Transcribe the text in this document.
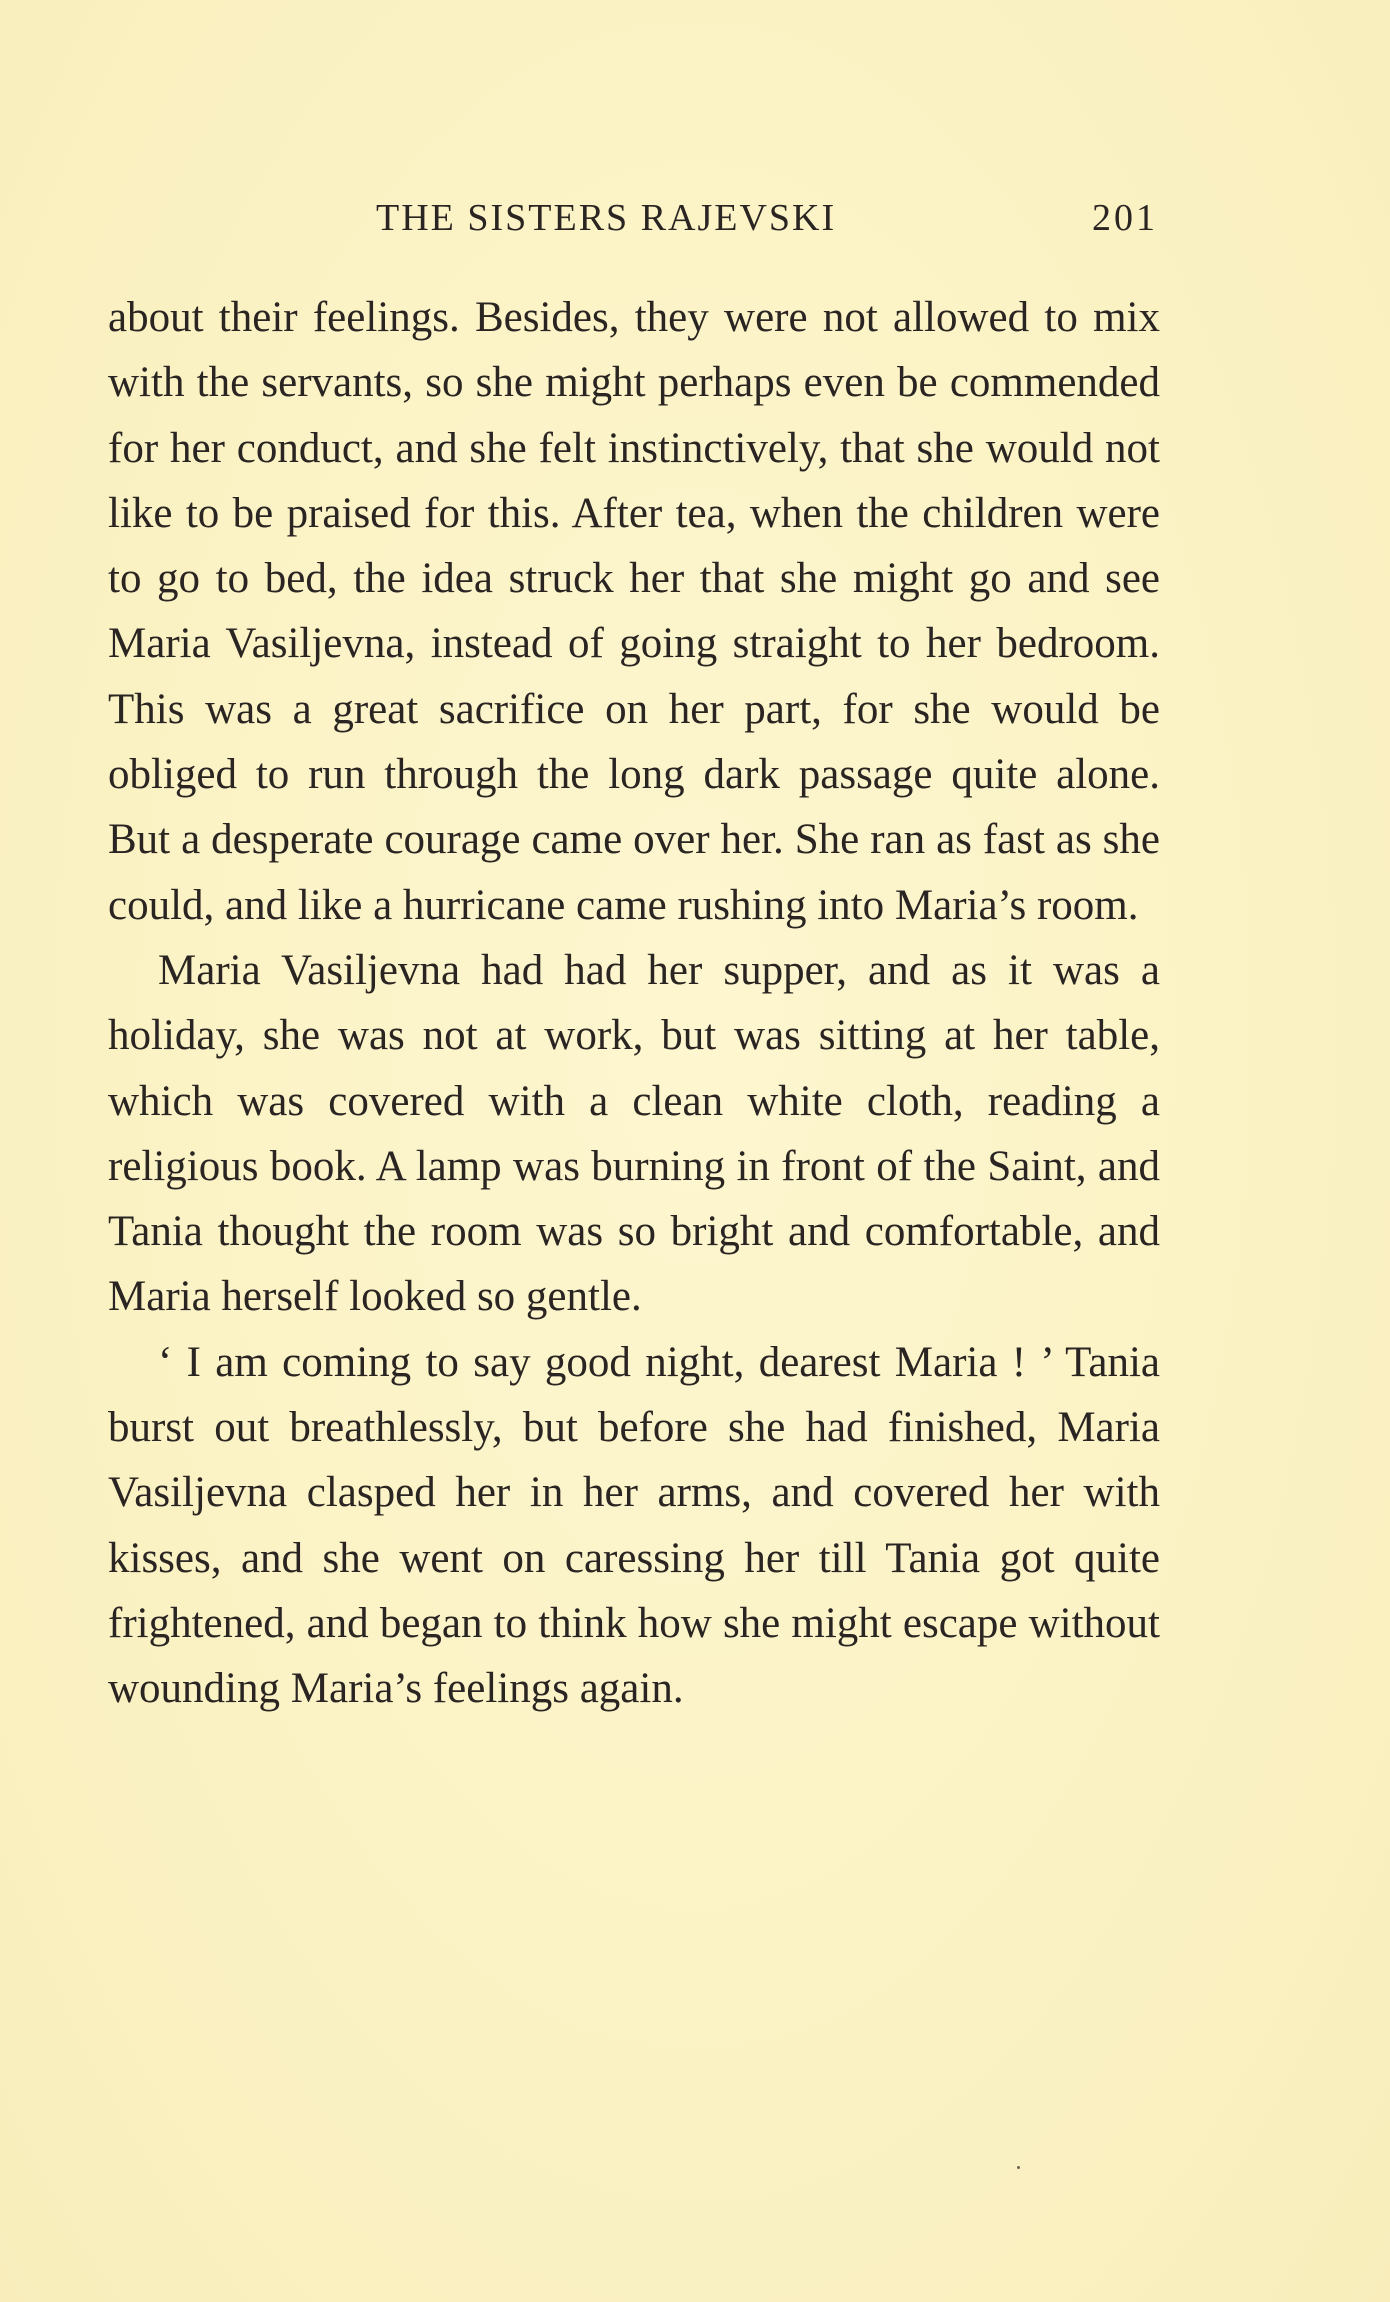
THE SISTERS RAJEVSKI	201

about their feelings. Besides, they were not allowed to mix with the servants, so she might perhaps even be commended for her conduct, and she felt instinctively, that she would not like to be praised for this. After tea, when the children were to go to bed, the idea struck her that she might go and see Maria Vasiljevna, instead of going straight to her bedroom. This was a great sacrifice on her part, for she would be obliged to run through the long dark passage quite alone. But a desperate courage came over her. She ran as fast as she could, and like a hurricane came rushing into Maria’s room.

Maria Vasiljevna had had her supper, and as it was a holiday, she was not at work, but was sitting at her table, which was covered with a clean white cloth, reading a religious book. A lamp was burning in front of the Saint, and Tania thought the room was so bright and comfortable, and Maria herself looked so gentle.

‘ I am coming to say good night, dearest Maria ! ’ Tania burst out breathlessly, but before she had finished, Maria Vasiljevna clasped her in her arms, and covered her with kisses, and she went on caressing her till Tania got quite frightened, and began to think how she might escape without wounding Maria’s feelings again.
